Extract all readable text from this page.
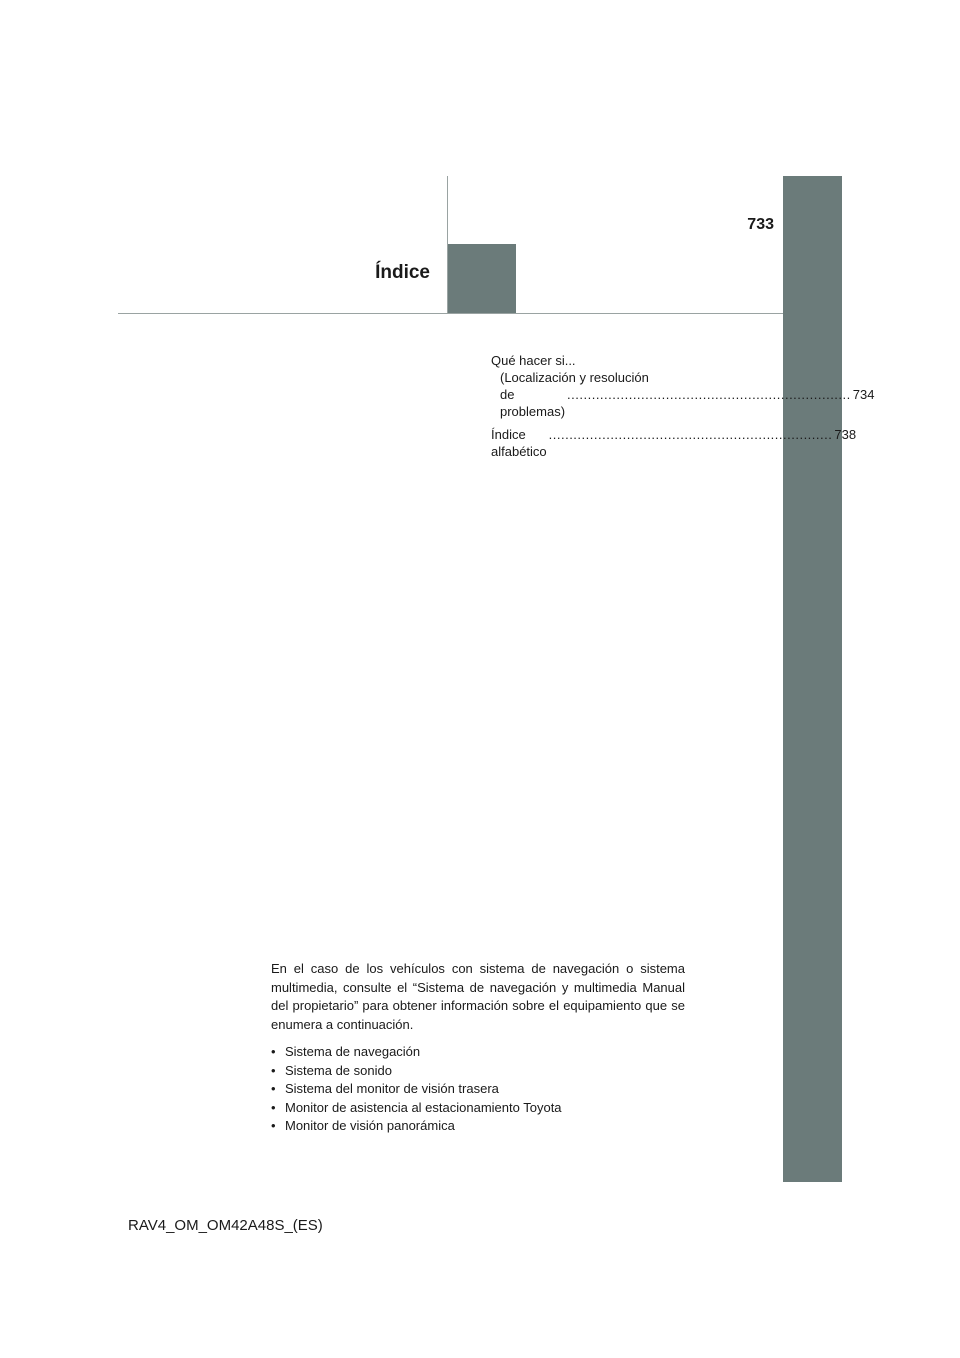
733
Índice
Qué hacer si...
(Localización y resolución
de problemas)
..................................................................... 734
Índice alfabético
..................................................................... 738

En el caso de los vehículos con sistema de navegación o sistema multimedia, consulte el “Sistema de navegación y multimedia Manual del propietario” para obtener información sobre el equipamiento que se enumera a continuación.

• Sistema de navegación
• Sistema de sonido
• Sistema del monitor de visión trasera
• Monitor de asistencia al estacionamiento Toyota
• Monitor de visión panorámica
RAV4_OM_OM42A48S_(ES)
